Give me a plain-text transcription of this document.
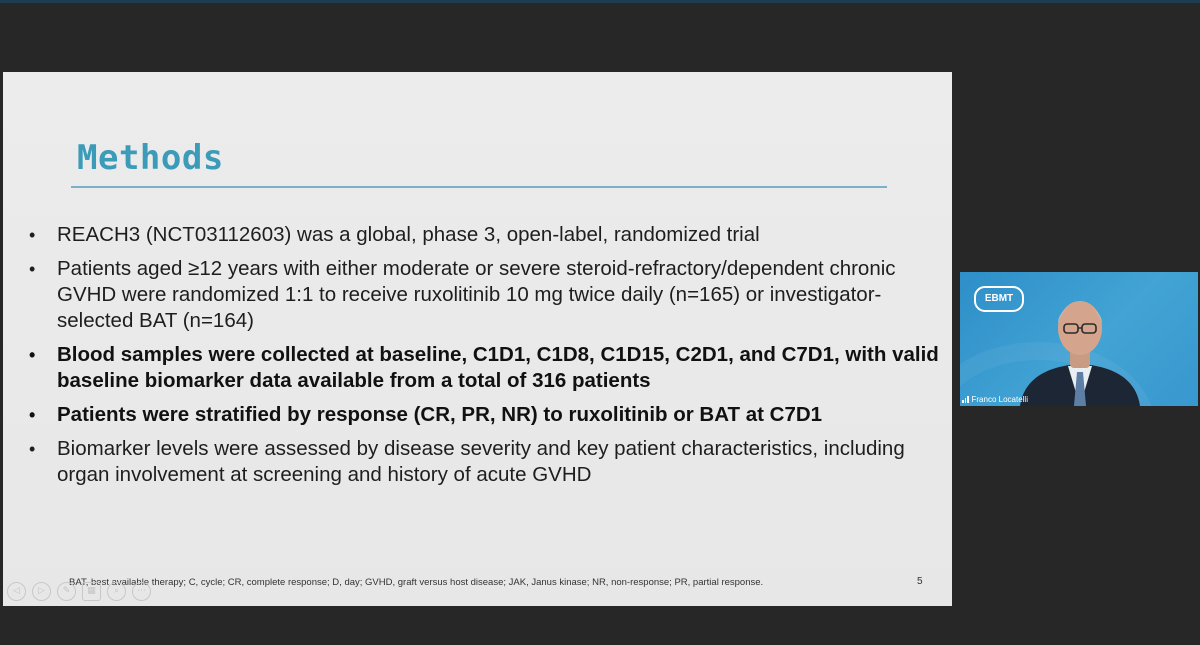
Methods
• REACH3 (NCT03112603) was a global, phase 3, open-label, randomized trial
• Patients aged ≥12 years with either moderate or severe steroid-refractory/dependent chronic GVHD were randomized 1:1 to receive ruxolitinib 10 mg twice daily (n=165) or investigator-selected BAT (n=164)
• Blood samples were collected at baseline, C1D1, C1D8, C1D15, C2D1, and C7D1, with valid baseline biomarker data available from a total of 316 patients
• Patients were stratified by response (CR, PR, NR) to ruxolitinib or BAT at C7D1
• Biomarker levels were assessed by disease severity and key patient characteristics, including organ involvement at screening and history of acute GVHD
BAT, best available therapy; C, cycle; CR, complete response; D, day; GVHD, graft versus host disease; JAK, Janus kinase; NR, non-response; PR, partial response.	5
◁	▷	✎	▦	⌕	⋯
EBMT
Franco Locatelli
